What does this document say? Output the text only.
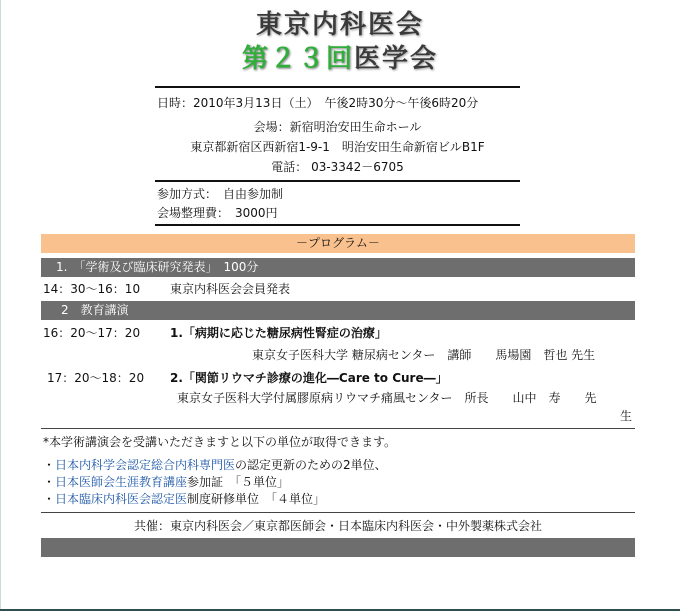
東京内科医会
第２３回医学会
日時：2010年3月13日（土）　午後2時30分～午後6時20分
会場：新宿明治安田生命ホール
東京都新宿区西新宿1-9-1　明治安田生命新宿ビルB1F
電話： 03-3342－6705
参加方式：　自由参加制
会場整理費：　3000円
－プログラム－
1.　「学術及び臨床研究発表」　100分
14：30～16：10 東京内科医会会員発表
2　教育講演
16：20～17：20 1.「病期に応じた糖尿病性腎症の治療」
東京女子医科大学 糖尿病センター　講師　　馬場園　哲也 先生
17：20～18：20 2.「関節リウマチ診療の進化―Care to Cure―」
東京女子医科大学付属膠原病リウマチ痛風センター　所長　　山中　寿　　先
生
*本学術講演会を受講いただきますと以下の単位が取得できます。
・日本内科学会認定総合内科専門医の認定更新のための2単位、
・日本医師会生涯教育講座参加証　「５単位」
・日本臨床内科医会認定医制度研修単位　「４単位」
共催：東京内科医会／東京都医師会・日本臨床内科医会・中外製薬株式会社
